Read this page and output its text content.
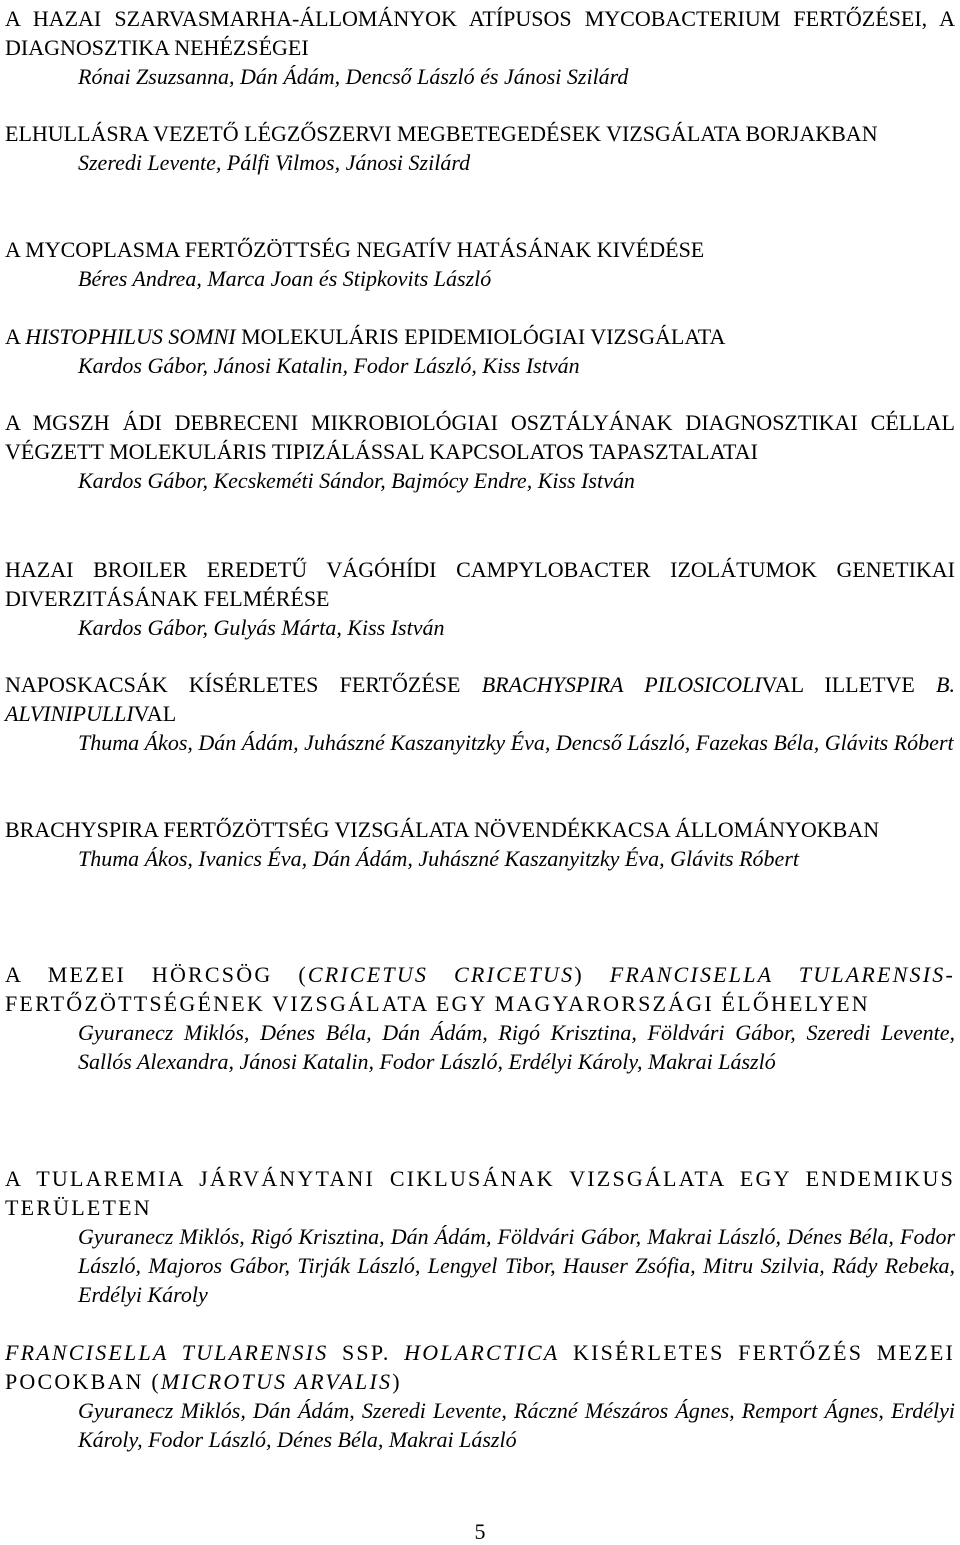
A HAZAI SZARVASMARHA-ÁLLOMÁNYOK ATÍPUSOS MYCOBACTERIUM FERTŐZÉSEI, A DIAGNOSZTIKA NEHÉZSÉGEI

Rónai Zsuzsanna, Dán Ádám, Dencső László és Jánosi Szilárd

ELHULLÁSRA VEZETŐ LÉGZŐSZERVI MEGBETEGEDÉSEK VIZSGÁLATA BORJAKBAN

Szeredi Levente, Pálfi Vilmos, Jánosi Szilárd

A MYCOPLASMA FERTŐZÖTTSÉG NEGATÍV HATÁSÁNAK KIVÉDÉSE

Béres Andrea, Marca Joan és Stipkovits László

A HISTOPHILUS SOMNI MOLEKULÁRIS EPIDEMIOLÓGIAI VIZSGÁLATA

Kardos Gábor, Jánosi Katalin, Fodor László, Kiss István

A MGSZH ÁDI DEBRECENI MIKROBIOLÓGIAI OSZTÁLYÁNAK DIAGNOSZTIKAI CÉLLAL VÉGZETT MOLEKULÁRIS TIPIZÁLÁSSAL KAPCSOLATOS TAPASZTALATAI

Kardos Gábor, Kecskeméti Sándor, Bajmócy Endre, Kiss István

HAZAI BROILER EREDETŰ VÁGÓHÍDI CAMPYLOBACTER IZOLÁTUMOK GENETIKAI DIVERZITÁSÁNAK FELMÉRÉSE

Kardos Gábor, Gulyás Márta, Kiss István

NAPOSKACSÁK KÍSÉRLETES FERTŐZÉSE BRACHYSPIRA PILOSICOLIVAL ILLETVE B. ALVINIPULLIVAL

Thuma Ákos, Dán Ádám, Juhászné Kaszanyitzky Éva, Dencső László, Fazekas Béla, Glávits Róbert

BRACHYSPIRA FERTŐZÖTTSÉG VIZSGÁLATA NÖVENDÉKKACSA ÁLLOMÁNYOKBAN

Thuma Ákos, Ivanics Éva, Dán Ádám, Juhászné Kaszanyitzky Éva, Glávits Róbert

A MEZEI HÖRCSÖG (CRICETUS CRICETUS) FRANCISELLA TULARENSIS-FERTŐZÖTTSÉGÉNEK VIZSGÁLATA EGY MAGYARORSZÁGI ÉLŐHELYEN

Gyuranecz Miklós, Dénes Béla, Dán Ádám, Rigó Krisztina, Földvári Gábor, Szeredi Levente, Sallós Alexandra, Jánosi Katalin, Fodor László, Erdélyi Károly, Makrai László

A TULAREMIA JÁRVÁNYTANI CIKLUSÁNAK VIZSGÁLATA EGY ENDEMIKUS TERÜLETEN

Gyuranecz Miklós, Rigó Krisztina, Dán Ádám, Földvári Gábor, Makrai László, Dénes Béla, Fodor László, Majoros Gábor, Tirják László, Lengyel Tibor, Hauser Zsófia, Mitru Szilvia, Rády Rebeka, Erdélyi Károly

FRANCISELLA TULARENSIS SSP. HOLARCTICA KISÉRLETES FERTŐZÉS MEZEI POCOKBAN (MICROTUS ARVALIS)

Gyuranecz Miklós, Dán Ádám, Szeredi Levente, Ráczné Mészáros Ágnes, Remport Ágnes, Erdélyi Károly, Fodor László, Dénes Béla, Makrai László

5
